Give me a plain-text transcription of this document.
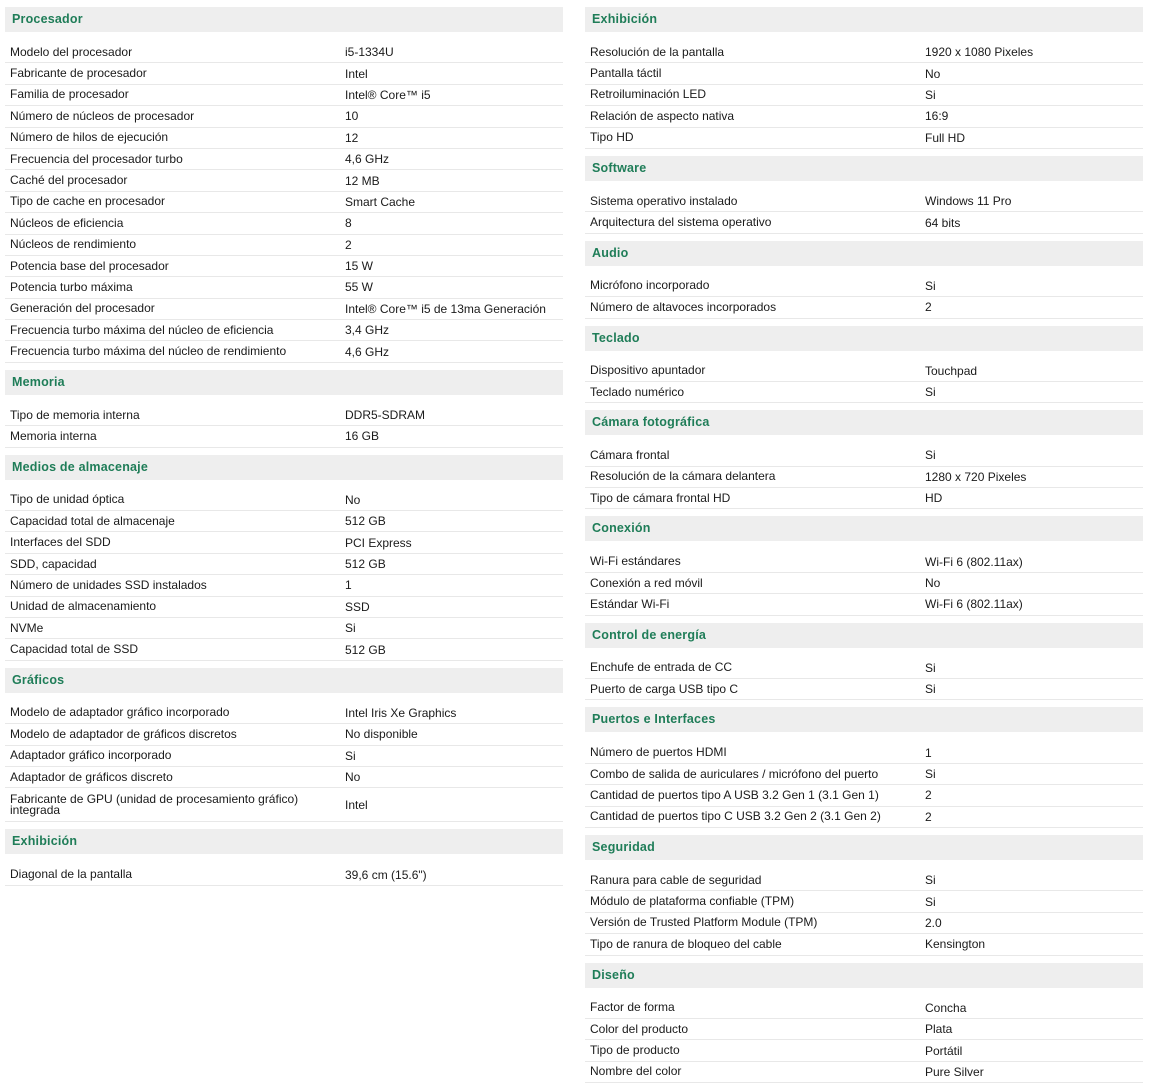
Procesador
Modelo del procesador	i5-1334U
Fabricante de procesador	Intel
Familia de procesador	Intel® Core™ i5
Número de núcleos de procesador	10
Número de hilos de ejecución	12
Frecuencia del procesador turbo	4,6 GHz
Caché del procesador	12 MB
Tipo de cache en procesador	Smart Cache
Núcleos de eficiencia	8
Núcleos de rendimiento	2
Potencia base del procesador	15 W
Potencia turbo máxima	55 W
Generación del procesador	Intel® Core™ i5 de 13ma Generación
Frecuencia turbo máxima del núcleo de eficiencia	3,4 GHz
Frecuencia turbo máxima del núcleo de rendimiento	4,6 GHz
Memoria
Tipo de memoria interna	DDR5-SDRAM
Memoria interna	16 GB
Medios de almacenaje
Tipo de unidad óptica	No
Capacidad total de almacenaje	512 GB
Interfaces del SDD	PCI Express
SDD, capacidad	512 GB
Número de unidades SSD instalados	1
Unidad de almacenamiento	SSD
NVMe	Si
Capacidad total de SSD	512 GB
Gráficos
Modelo de adaptador gráfico incorporado	Intel Iris Xe Graphics
Modelo de adaptador de gráficos discretos	No disponible
Adaptador gráfico incorporado	Si
Adaptador de gráficos discreto	No
Fabricante de GPU (unidad de procesamiento gráfico) integrada	Intel
Exhibición
Diagonal de la pantalla	39,6 cm (15.6")
Exhibición
Resolución de la pantalla	1920 x 1080 Pixeles
Pantalla táctil	No
Retroiluminación LED	Si
Relación de aspecto nativa	16:9
Tipo HD	Full HD
Software
Sistema operativo instalado	Windows 11 Pro
Arquitectura del sistema operativo	64 bits
Audio
Micrófono incorporado	Si
Número de altavoces incorporados	2
Teclado
Dispositivo apuntador	Touchpad
Teclado numérico	Si
Cámara fotográfica
Cámara frontal	Si
Resolución de la cámara delantera	1280 x 720 Pixeles
Tipo de cámara frontal HD	HD
Conexión
Wi-Fi estándares	Wi-Fi 6 (802.11ax)
Conexión a red móvil	No
Estándar Wi-Fi	Wi-Fi 6 (802.11ax)
Control de energía
Enchufe de entrada de CC	Si
Puerto de carga USB tipo C	Si
Puertos e Interfaces
Número de puertos HDMI	1
Combo de salida de auriculares / micrófono del puerto	Si
Cantidad de puertos tipo A USB 3.2 Gen 1 (3.1 Gen 1)	2
Cantidad de puertos tipo C USB 3.2 Gen 2 (3.1 Gen 2)	2
Seguridad
Ranura para cable de seguridad	Si
Módulo de plataforma confiable (TPM)	Si
Versión de Trusted Platform Module (TPM)	2.0
Tipo de ranura de bloqueo del cable	Kensington
Diseño
Factor de forma	Concha
Color del producto	Plata
Tipo de producto	Portátil
Nombre del color	Pure Silver
